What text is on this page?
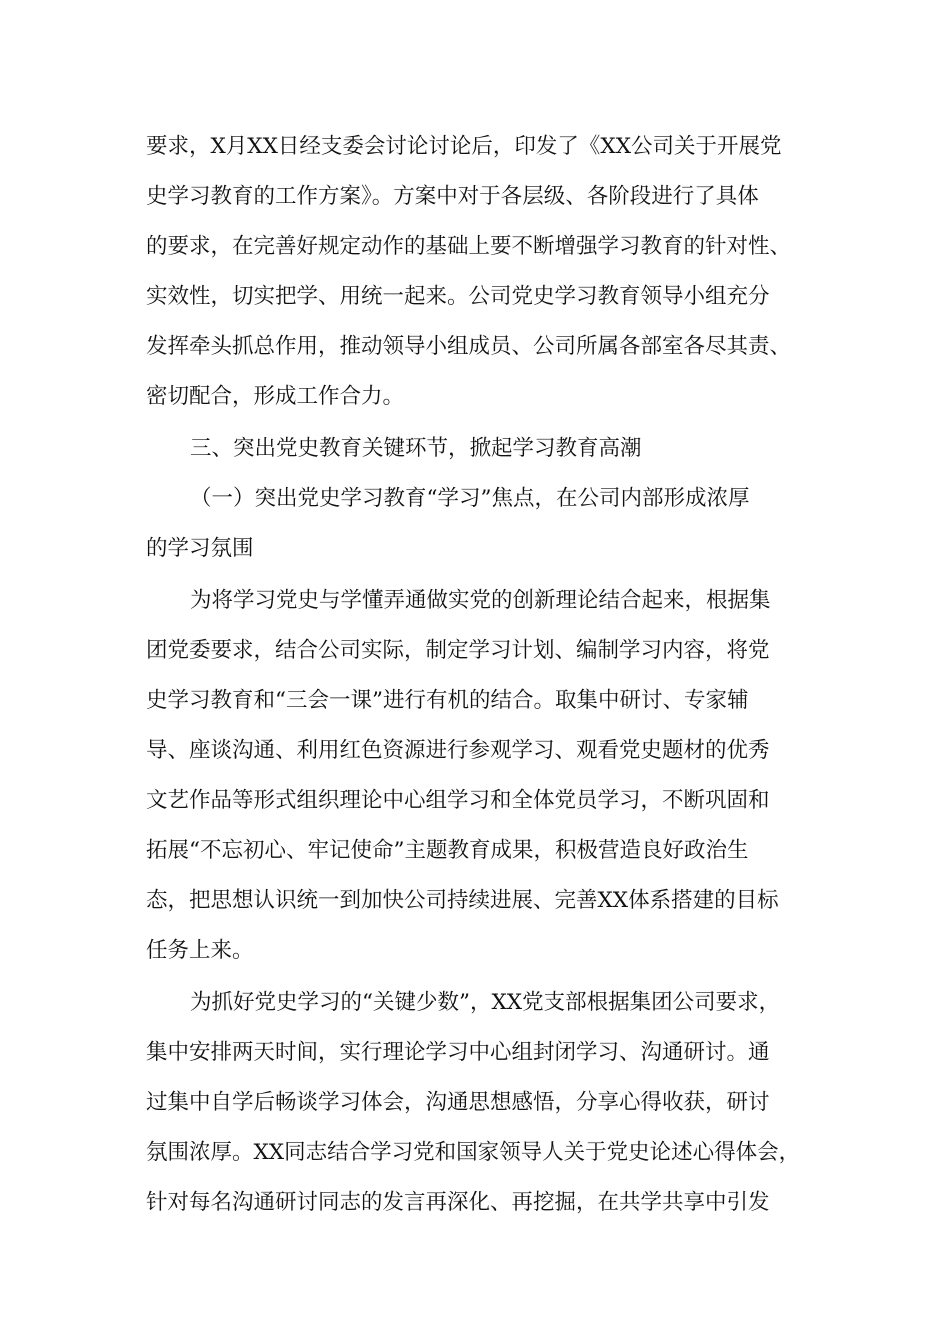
要求，X月XX日经支委会讨论讨论后，印发了《XX公司关于开展党
史学习教育的工作方案》。方案中对于各层级、各阶段进行了具体
的要求，在完善好规定动作的基础上要不断增强学习教育的针对性、
实效性，切实把学、用统一起来。公司党史学习教育领导小组充分
发挥牵头抓总作用，推动领导小组成员、公司所属各部室各尽其责、
密切配合，形成工作合力。
三、突出党史教育关键环节，掀起学习教育高潮
（一）突出党史学习教育“学习”焦点，在公司内部形成浓厚
的学习氛围
为将学习党史与学懂弄通做实党的创新理论结合起来，根据集
团党委要求，结合公司实际，制定学习计划、编制学习内容，将党
史学习教育和“三会一课”进行有机的结合。取集中研讨、专家辅
导、座谈沟通、利用红色资源进行参观学习、观看党史题材的优秀
文艺作品等形式组织理论中心组学习和全体党员学习，不断巩固和
拓展“不忘初心、牢记使命”主题教育成果，积极营造良好政治生
态，把思想认识统一到加快公司持续进展、完善XX体系搭建的目标
任务上来。
为抓好党史学习的“关键少数”，XX党支部根据集团公司要求，
集中安排两天时间，实行理论学习中心组封闭学习、沟通研讨。通
过集中自学后畅谈学习体会，沟通思想感悟，分享心得收获，研讨
氛围浓厚。XX同志结合学习党和国家领导人关于党史论述心得体会，
针对每名沟通研讨同志的发言再深化、再挖掘，在共学共享中引发
